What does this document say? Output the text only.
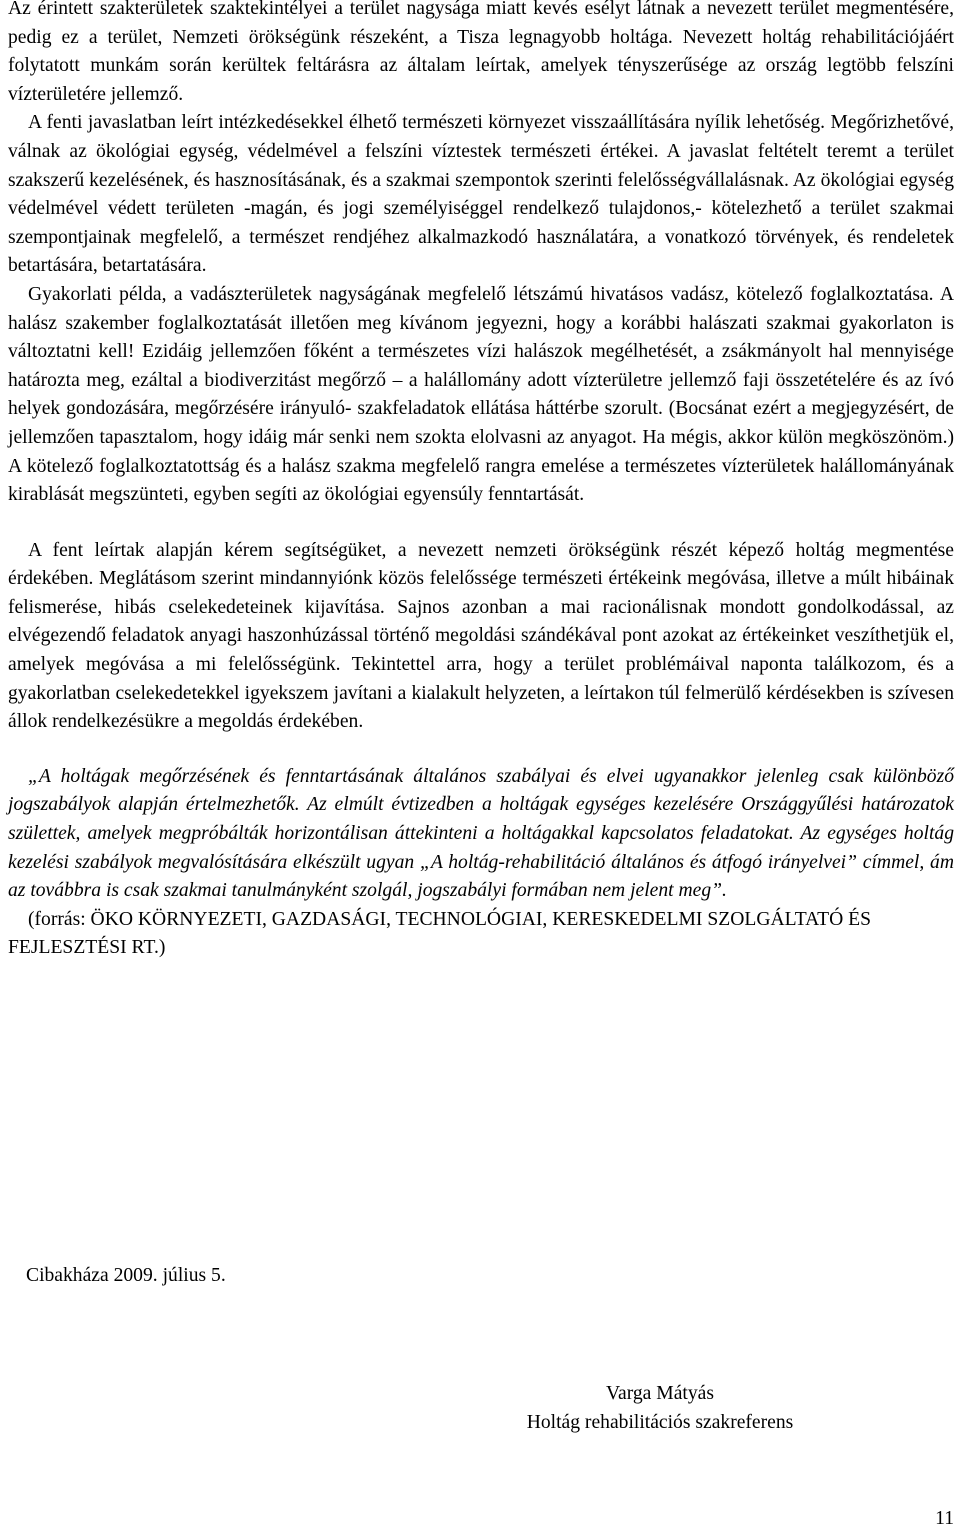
Az érintett szakterületek szaktekintélyei a terület nagysága miatt kevés esélyt látnak a nevezett terület megmentésére, pedig ez a terület, Nemzeti örökségünk részeként, a Tisza legnagyobb holtága. Nevezett holtág rehabilitációjáért folytatott munkám során kerültek feltárásra az általam leírtak, amelyek tényszerűsége az ország legtöbb felszíni vízterületére jellemző.

A fenti javaslatban leírt intézkedésekkel élhető természeti környezet visszaállítására nyílik lehetőség. Megőrizhetővé, válnak az ökológiai egység, védelmével a felszíni víztestek természeti értékei. A javaslat feltételt teremt a terület szakszerű kezelésének, és hasznosításának, és a szakmai szempontok szerinti felelősségvállalásnak. Az ökológiai egység védelmével védett területen -magán, és jogi személyiséggel rendelkező tulajdonos,- kötelezhető a terület szakmai szempontjainak megfelelő, a természet rendjéhez alkalmazkodó használatára, a vonatkozó törvények, és rendeletek betartására, betartatására.

Gyakorlati példa, a vadászterületek nagyságának megfelelő létszámú hivatásos vadász, kötelező foglalkoztatása. A halász szakember foglalkoztatását illetően meg kívánom jegyezni, hogy a korábbi halászati szakmai gyakorlaton is változtatni kell! Ezidáig jellemzően főként a természetes vízi halászok megélhetését, a zsákmányolt hal mennyisége határozta meg, ezáltal a biodiverzitást megőrző – a halállomány adott vízterületre jellemző faji összetételére és az ívó helyek gondozására, megőrzésére irányuló- szakfeladatok ellátása háttérbe szorult. (Bocsánat ezért a megjegyzésért, de jellemzően tapasztalom, hogy idáig már senki nem szokta elolvasni az anyagot. Ha mégis, akkor külön megköszönöm.) A kötelező foglalkoztatottság és a halász szakma megfelelő rangra emelése a természetes vízterületek halállományának kirablását megszünteti, egyben segíti az ökológiai egyensúly fenntartását.

A fent leírtak alapján kérem segítségüket, a nevezett nemzeti örökségünk részét képező holtág megmentése érdekében. Meglátásom szerint mindannyiónk közös felelőssége természeti értékeink megóvása, illetve a múlt hibáinak felismerése, hibás cselekedeteinek kijavítása. Sajnos azonban a mai racionálisnak mondott gondolkodással, az elvégezendő feladatok anyagi haszonhúzással történő megoldási szándékával pont azokat az értékeinket veszíthetjük el, amelyek megóvása a mi felelősségünk. Tekintettel arra, hogy a terület problémáival naponta találkozom, és a gyakorlatban cselekedetekkel igyekszem javítani a kialakult helyzeten, a leírtakon túl felmerülő kérdésekben is szívesen állok rendelkezésükre a megoldás érdekében.

„A holtágak megőrzésének és fenntartásának általános szabályai és elvei ugyanakkor jelenleg csak különböző jogszabályok alapján értelmezhetők. Az elmúlt évtizedben a holtágak egységes kezelésére Országgyűlési határozatok születtek, amelyek megpróbálták horizontálisan áttekinteni a holtágakkal kapcsolatos feladatokat. Az egységes holtág kezelési szabályok megvalósítására elkészült ugyan „A holtág-rehabilitáció általános és átfogó irányelvei” címmel, ám az továbbra is csak szakmai tanulmányként szolgál, jogszabályi formában nem jelent meg”.

(forrás: ÖKO KÖRNYEZETI, GAZDASÁGI, TECHNOLÓGIAI, KERESKEDELMI SZOLGÁLTATÓ ÉS FEJLESZTÉSI RT.)

Cibakháza 2009. július 5.
Varga Mátyás
Holtág rehabilitációs szakreferens
11
